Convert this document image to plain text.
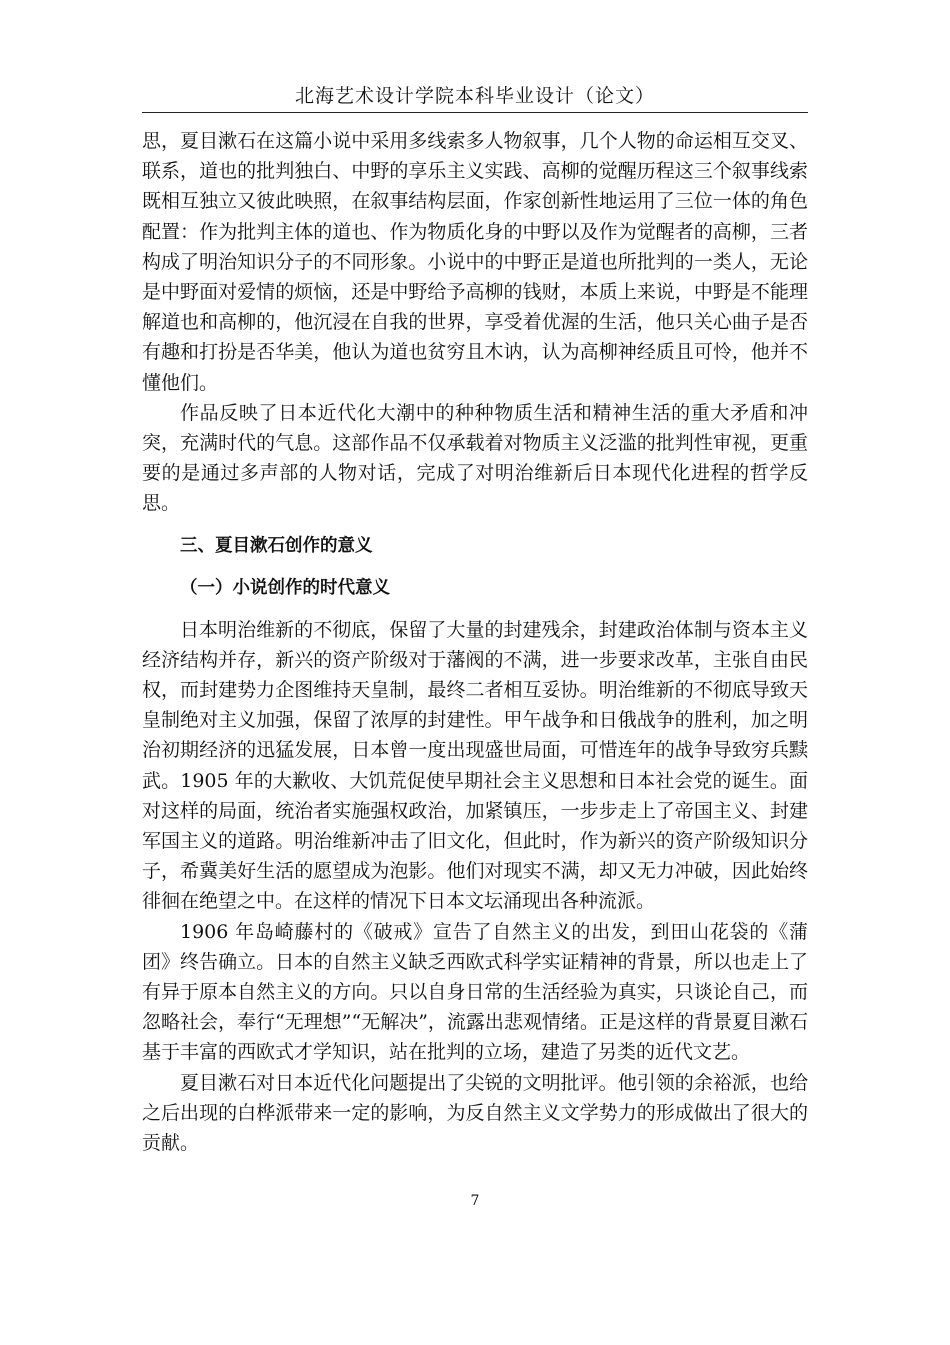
北海艺术设计学院本科毕业设计（论文）

思，夏目漱石在这篇小说中采用多线索多人物叙事，几个人物的命运相互交叉、联系，道也的批判独白、中野的享乐主义实践、高柳的觉醒历程这三个叙事线索既相互独立又彼此映照，在叙事结构层面，作家创新性地运用了三位一体的角色配置：作为批判主体的道也、作为物质化身的中野以及作为觉醒者的高柳，三者构成了明治知识分子的不同形象。小说中的中野正是道也所批判的一类人，无论是中野面对爱情的烦恼，还是中野给予高柳的钱财，本质上来说，中野是不能理解道也和高柳的，他沉浸在自我的世界，享受着优渥的生活，他只关心曲子是否有趣和打扮是否华美，他认为道也贫穷且木讷，认为高柳神经质且可怜，他并不懂他们。

作品反映了日本近代化大潮中的种种物质生活和精神生活的重大矛盾和冲突，充满时代的气息。这部作品不仅承载着对物质主义泛滥的批判性审视，更重要的是通过多声部的人物对话，完成了对明治维新后日本现代化进程的哲学反思。

三、夏目漱石创作的意义

（一）小说创作的时代意义

日本明治维新的不彻底，保留了大量的封建残余，封建政治体制与资本主义经济结构并存，新兴的资产阶级对于藩阀的不满，进一步要求改革，主张自由民权，而封建势力企图维持天皇制，最终二者相互妥协。明治维新的不彻底导致天皇制绝对主义加强，保留了浓厚的封建性。甲午战争和日俄战争的胜利，加之明治初期经济的迅猛发展，日本曾一度出现盛世局面，可惜连年的战争导致穷兵黩武。1905 年的大歉收、大饥荒促使早期社会主义思想和日本社会党的诞生。面对这样的局面，统治者实施强权政治，加紧镇压，一步步走上了帝国主义、封建军国主义的道路。明治维新冲击了旧文化，但此时，作为新兴的资产阶级知识分子，希冀美好生活的愿望成为泡影。他们对现实不满，却又无力冲破，因此始终徘徊在绝望之中。在这样的情况下日本文坛涌现出各种流派。

1906 年岛崎藤村的《破戒》宣告了自然主义的出发，到田山花袋的《蒲团》终告确立。日本的自然主义缺乏西欧式科学实证精神的背景，所以也走上了有异于原本自然主义的方向。只以自身日常的生活经验为真实，只谈论自己，而忽略社会，奉行“无理想”“无解决”，流露出悲观情绪。正是这样的背景夏目漱石基于丰富的西欧式才学知识，站在批判的立场，建造了另类的近代文艺。

夏目漱石对日本近代化问题提出了尖锐的文明批评。他引领的余裕派，也给之后出现的白桦派带来一定的影响，为反自然主义文学势力的形成做出了很大的贡献。

7
